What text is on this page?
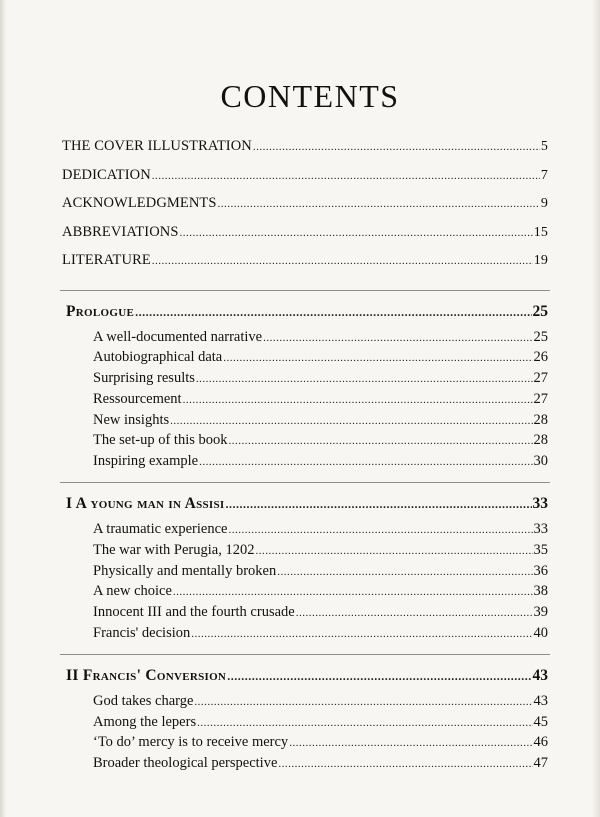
CONTENTS
THE COVER ILLUSTRATION .....	5
DEDICATION .....	7
ACKNOWLEDGMENTS .....	9
ABBREVIATIONS .....	15
LITERATURE .....	19
Prologue .....	25
A well-documented narrative .....	25
Autobiographical data .....	26
Surprising results .....	27
Ressourcement .....	27
New insights .....	28
The set-up of this book .....	28
Inspiring example .....	30
I A young man in Assisi .....	33
A traumatic experience .....	33
The war with Perugia, 1202 .....	35
Physically and mentally broken .....	36
A new choice .....	38
Innocent III and the fourth crusade .....	39
Francis' decision .....	40
II Francis' Conversion .....	43
God takes charge .....	43
Among the lepers .....	45
‘To do’ mercy is to receive mercy .....	46
Broader theological perspective .....	47
